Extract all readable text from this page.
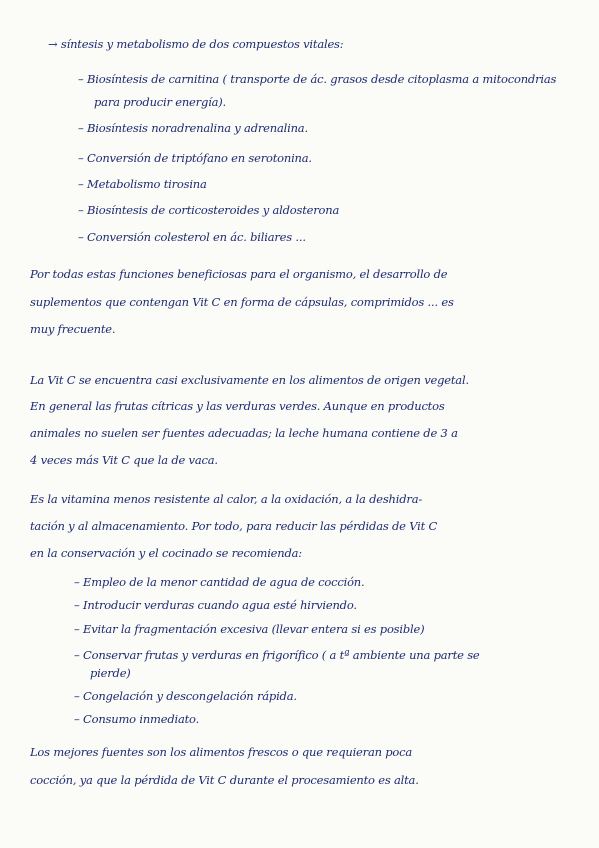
→ síntesis y metabolismo de dos compuestos vitales:

– Biosíntesis de carnitina ( transporte de ác. grasos desde citoplasma a mitocondrias

para producir energía).

– Biosíntesis noradrenalina y adrenalina.

– Conversión de triptófano en serotonina.

– Metabolismo tirosina

– Biosíntesis de corticosteroides y aldosterona

– Conversión colesterol en ác. biliares ...

Por todas estas funciones beneficiosas para el organismo, el desarrollo de

suplementos que contengan Vit C en forma de cápsulas, comprimidos ... es

muy frecuente.

La Vit C se encuentra casi exclusivamente en los alimentos de origen vegetal.

En general las frutas cítricas y las verduras verdes. Aunque en productos

animales no suelen ser fuentes adecuadas; la leche humana contiene de 3 a

4 veces más Vit C que la de vaca.

Es la vitamina menos resistente al calor, a la oxidación, a la deshidra-

tación y al almacenamiento. Por todo, para reducir las pérdidas de Vit C

en la conservación y el cocinado se recomienda:

– Empleo de la menor cantidad de agua de cocción.

– Introducir verduras cuando agua esté hirviendo.

– Evitar la fragmentación excesiva (llevar entera si es posible)

– Conservar frutas y verduras en frigorífico ( a tª ambiente una parte se

pierde)

– Congelación y descongelación rápida.

– Consumo inmediato.

Los mejores fuentes son los alimentos frescos o que requieran poca

cocción, ya que la pérdida de Vit C durante el procesamiento es alta.
